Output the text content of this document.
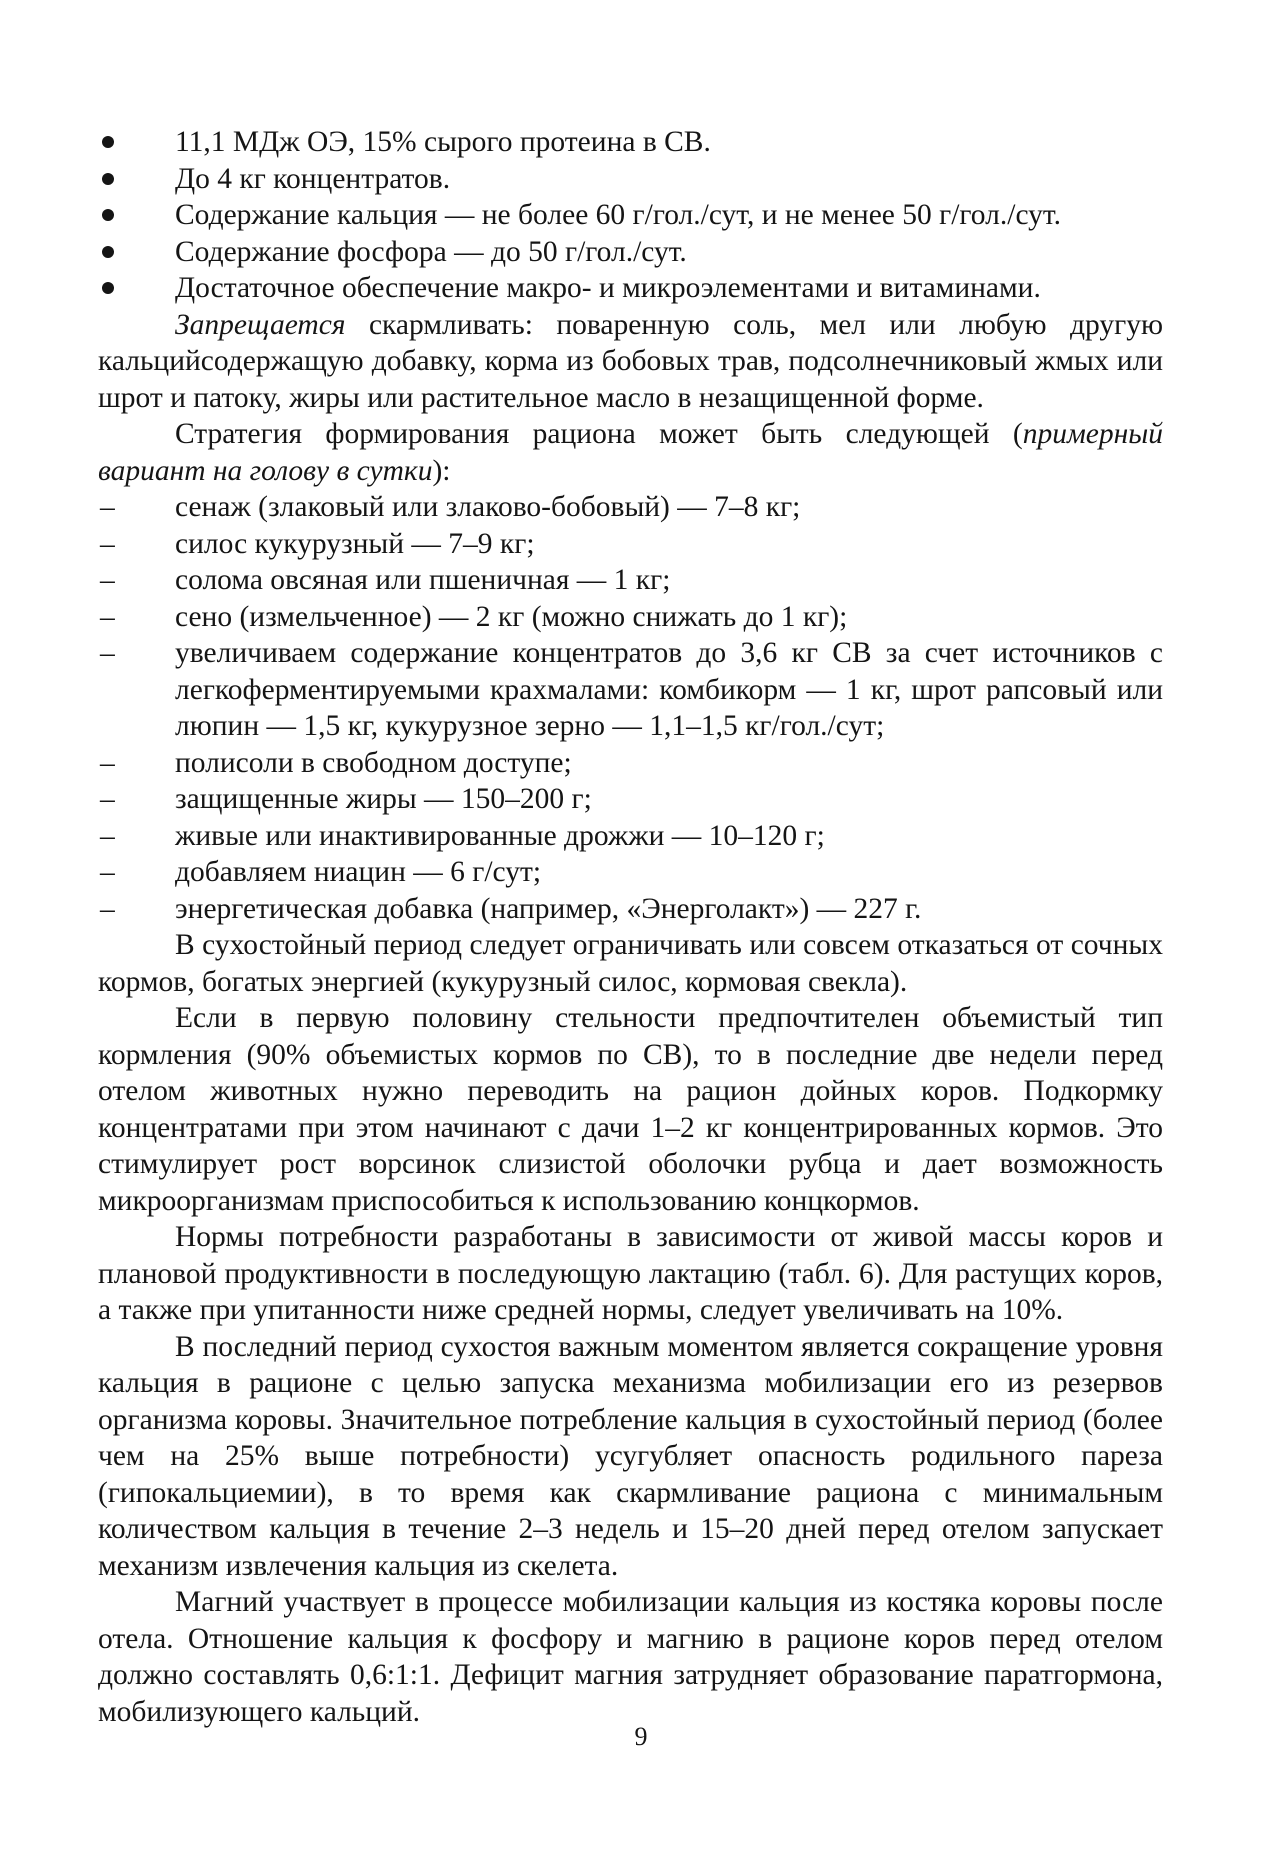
11,1 МДж ОЭ, 15% сырого протеина в СВ.
До 4 кг концентратов.
Содержание кальция — не более 60 г/гол./сут, и не менее 50 г/гол./сут.
Содержание фосфора — до 50 г/гол./сут.
Достаточное обеспечение макро- и микроэлементами и витаминами.

Запрещается скармливать: поваренную соль, мел или любую другую кальцийсодержащую добавку, корма из бобовых трав, подсолнечниковый жмых или шрот и патоку, жиры или растительное масло в незащищенной форме.

Стратегия формирования рациона может быть следующей (примерный вариант на голову в сутки):

– сенаж (злаковый или злаково-бобовый) — 7–8 кг;
– силос кукурузный — 7–9 кг;
– солома овсяная или пшеничная — 1 кг;
– сено (измельченное) — 2 кг (можно снижать до 1 кг);
– увеличиваем содержание концентратов до 3,6 кг СВ за счет источников с легкоферментируемыми крахмалами: комбикорм — 1 кг, шрот рапсовый или люпин — 1,5 кг, кукурузное зерно — 1,1–1,5 кг/гол./сут;
– полисоли в свободном доступе;
– защищенные жиры — 150–200 г;
– живые или инактивированные дрожжи — 10–120 г;
– добавляем ниацин — 6 г/сут;
– энергетическая добавка (например, «Энерголакт») — 227 г.

В сухостойный период следует ограничивать или совсем отказаться от сочных кормов, богатых энергией (кукурузный силос, кормовая свекла).

Если в первую половину стельности предпочтителен объемистый тип кормления (90% объемистых кормов по СВ), то в последние две недели перед отелом животных нужно переводить на рацион дойных коров. Подкормку концентратами при этом начинают с дачи 1–2 кг концентрированных кормов. Это стимулирует рост ворсинок слизистой оболочки рубца и дает возможность микроорганизмам приспособиться к использованию концкормов.

Нормы потребности разработаны в зависимости от живой массы коров и плановой продуктивности в последующую лактацию (табл. 6). Для растущих коров, а также при упитанности ниже средней нормы, следует увеличивать на 10%.

В последний период сухостоя важным моментом является сокращение уровня кальция в рационе с целью запуска механизма мобилизации его из резервов организма коровы. Значительное потребление кальция в сухостойный период (более чем на 25% выше потребности) усугубляет опасность родильного пареза (гипокальциемии), в то время как скармливание рациона с минимальным количеством кальция в течение 2–3 недель и 15–20 дней перед отелом запускает механизм извлечения кальция из скелета.

Магний участвует в процессе мобилизации кальция из костяка коровы после отела. Отношение кальция к фосфору и магнию в рационе коров перед отелом должно составлять 0,6:1:1. Дефицит магния затрудняет образование паратгормона, мобилизующего кальций.

9
